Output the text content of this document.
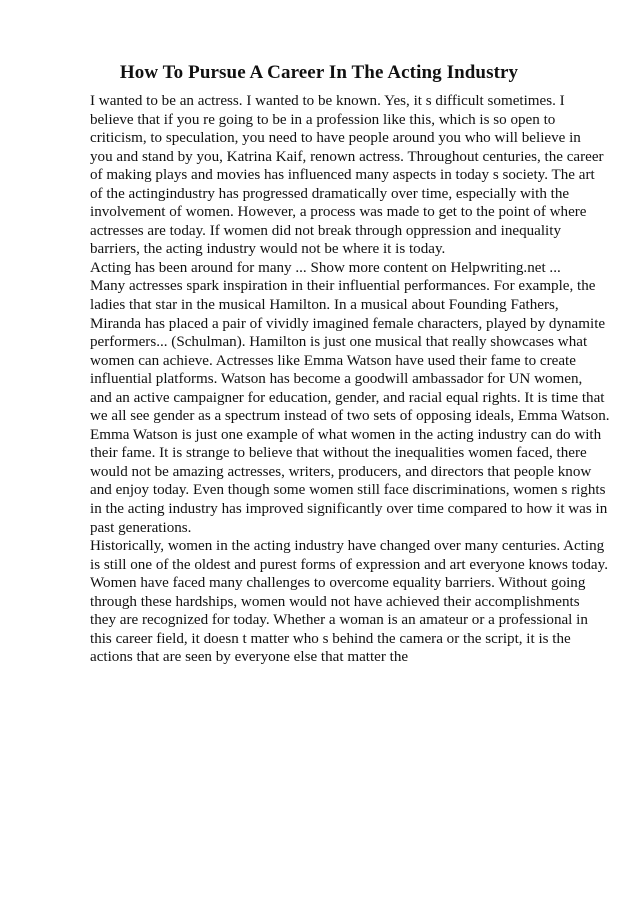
How To Pursue A Career In The Acting Industry

I wanted to be an actress. I wanted to be known. Yes, it s difficult sometimes. I

believe that if you re going to be in a profession like this, which is so open to

criticism, to speculation, you need to have people around you who will believe in

you and stand by you, Katrina Kaif, renown actress. Throughout centuries, the career

of making plays and movies has influenced many aspects in today s society. The art

of the actingindustry has progressed dramatically over time, especially with the

involvement of women. However, a process was made to get to the point of where

actresses are today. If women did not break through oppression and inequality

barriers, the acting industry would not be where it is today.

Acting has been around for many ... Show more content on Helpwriting.net ...

Many actresses spark inspiration in their influential performances. For example, the

ladies that star in the musical Hamilton. In a musical about Founding Fathers,

Miranda has placed a pair of vividly imagined female characters, played by dynamite

performers... (Schulman). Hamilton is just one musical that really showcases what

women can achieve. Actresses like Emma Watson have used their fame to create

influential platforms. Watson has become a goodwill ambassador for UN women,

and an active campaigner for education, gender, and racial equal rights. It is time that

we all see gender as a spectrum instead of two sets of opposing ideals, Emma Watson.

Emma Watson is just one example of what women in the acting industry can do with

their fame. It is strange to believe that without the inequalities women faced, there

would not be amazing actresses, writers, producers, and directors that people know

and enjoy today. Even though some women still face discriminations, women s rights

in the acting industry has improved significantly over time compared to how it was in

past generations.

Historically, women in the acting industry have changed over many centuries. Acting

is still one of the oldest and purest forms of expression and art everyone knows today.

Women have faced many challenges to overcome equality barriers. Without going

through these hardships, women would not have achieved their accomplishments

they are recognized for today. Whether a woman is an amateur or a professional in

this career field, it doesn t matter who s behind the camera or the script, it is the

actions that are seen by everyone else that matter the
